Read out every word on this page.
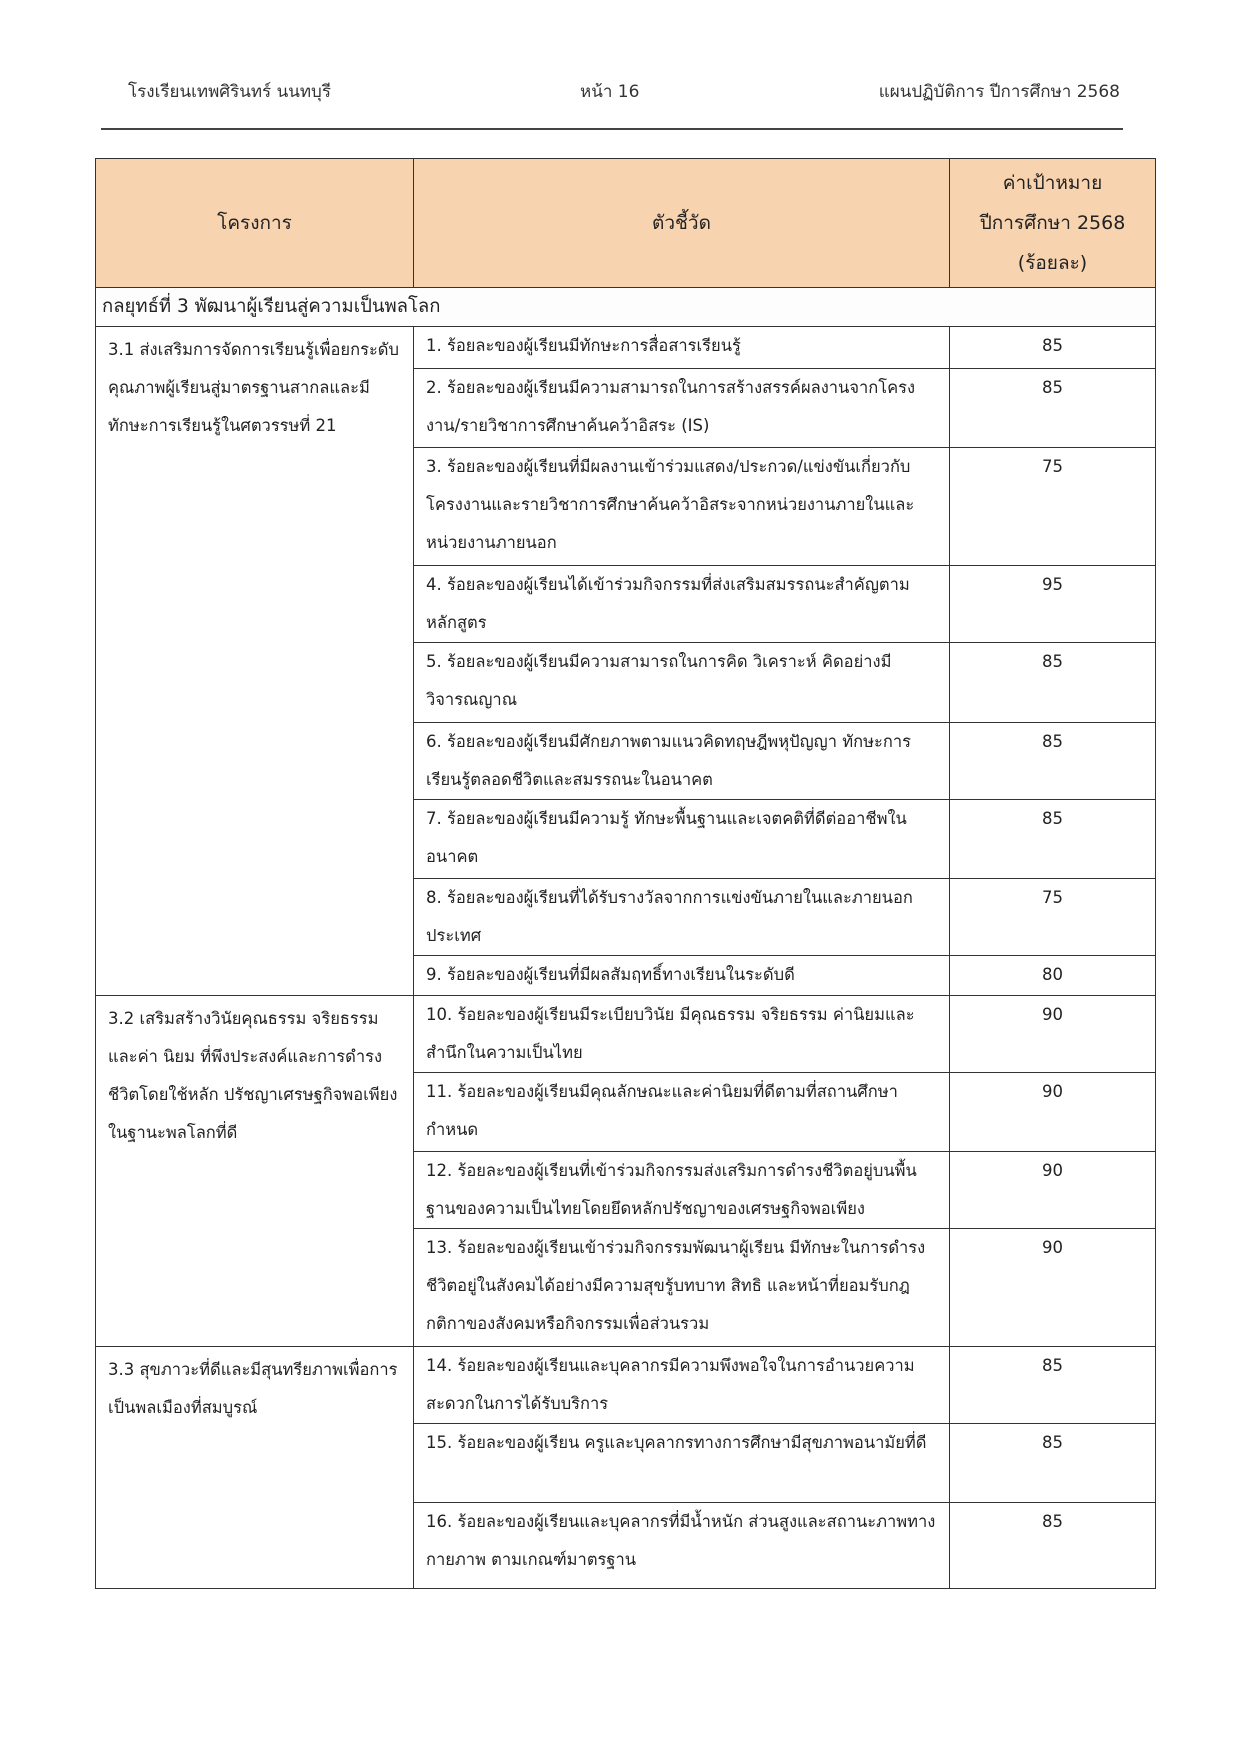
โรงเรียนเทพศิรินทร์ นนทบุรี	หน้า 16	แผนปฏิบัติการ ปีการศึกษา 2568
โครงการ	ตัวชี้วัด	ค่าเป้าหมาย
ปีการศึกษา 2568
(ร้อยละ)

กลยุทธ์ที่ 3 พัฒนาผู้เรียนสู่ความเป็นพลโลก		
3.1 ส่งเสริมการจัดการเรียนรู้เพื่อยกระดับคุณภาพผู้เรียนสู่มาตรฐานสากลและมีทักษะการเรียนรู้ในศตวรรษที่ 21	1. ร้อยละของผู้เรียนมีทักษะการสื่อสารเรียนรู้	85
	2. ร้อยละของผู้เรียนมีความสามารถในการสร้างสรรค์ผลงานจากโครงงาน/รายวิชาการศึกษาค้นคว้าอิสระ (IS)	85
	3. ร้อยละของผู้เรียนที่มีผลงานเข้าร่วมแสดง/ประกวด/แข่งขันเกี่ยวกับโครงงานและรายวิชาการศึกษาค้นคว้าอิสระจากหน่วยงานภายในและหน่วยงานภายนอก	75
	4. ร้อยละของผู้เรียนได้เข้าร่วมกิจกรรมที่ส่งเสริมสมรรถนะสำคัญตามหลักสูตร	95
	5. ร้อยละของผู้เรียนมีความสามารถในการคิด วิเคราะห์ คิดอย่างมีวิจารณญาณ	85
	6. ร้อยละของผู้เรียนมีศักยภาพตามแนวคิดทฤษฎีพหุปัญญา ทักษะการเรียนรู้ตลอดชีวิตและสมรรถนะในอนาคต	85
	7. ร้อยละของผู้เรียนมีความรู้ ทักษะพื้นฐานและเจตคติที่ดีต่ออาชีพในอนาคต	85
	8. ร้อยละของผู้เรียนที่ได้รับรางวัลจากการแข่งขันภายในและภายนอก ประเทศ	75
	9. ร้อยละของผู้เรียนที่มีผลสัมฤทธิ์ทางเรียนในระดับดี	80
3.2 เสริมสร้างวินัยคุณธรรม จริยธรรมและค่า นิยม ที่พึงประสงค์และการดำรงชีวิตโดยใช้หลัก ปรัชญาเศรษฐกิจพอเพียงในฐานะพลโลกที่ดี	10. ร้อยละของผู้เรียนมีระเบียบวินัย มีคุณธรรม จริยธรรม ค่านิยมและสำนึกในความเป็นไทย	90
	11. ร้อยละของผู้เรียนมีคุณลักษณะและค่านิยมที่ดีตามที่สถานศึกษากำหนด	90
	12. ร้อยละของผู้เรียนที่เข้าร่วมกิจกรรมส่งเสริมการดำรงชีวิตอยู่บนพื้นฐานของความเป็นไทยโดยยึดหลักปรัชญาของเศรษฐกิจพอเพียง	90
	13. ร้อยละของผู้เรียนเข้าร่วมกิจกรรมพัฒนาผู้เรียน มีทักษะในการดำรงชีวิตอยู่ในสังคมได้อย่างมีความสุขรู้บทบาท สิทธิ และหน้าที่ยอมรับกฎกติกาของสังคมหรือกิจกรรมเพื่อส่วนรวม	90
3.3 สุขภาวะที่ดีและมีสุนทรียภาพเพื่อการเป็นพลเมืองที่สมบูรณ์	14. ร้อยละของผู้เรียนและบุคลากรมีความพึงพอใจในการอำนวยความสะดวกในการได้รับบริการ	85
	15. ร้อยละของผู้เรียน ครูและบุคลากรทางการศึกษามีสุขภาพอนามัยที่ดี	85
	16. ร้อยละของผู้เรียนและบุคลากรที่มีน้ำหนัก ส่วนสูงและสถานะภาพทางกายภาพ ตามเกณฑ์มาตรฐาน	85
